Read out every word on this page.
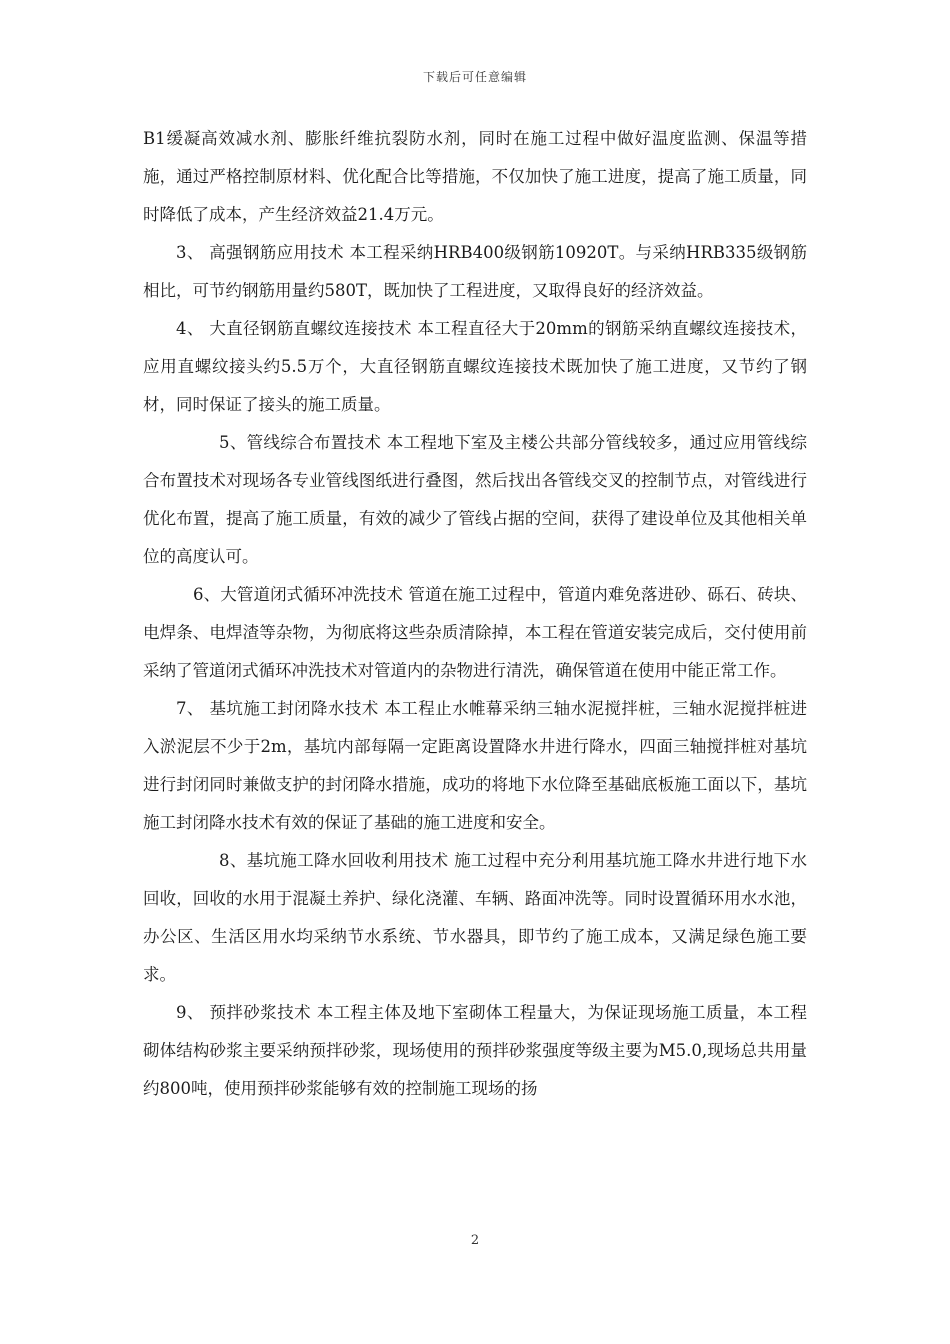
下载后可任意编辑

B1缓凝高效减水剂、膨胀纤维抗裂防水剂，同时在施工过程中做好温度监测、保温等措施，通过严格控制原材料、优化配合比等措施，不仅加快了施工进度，提高了施工质量，同时降低了成本，产生经济效益21.4万元。

3、 高强钢筋应用技术 本工程采纳HRB400级钢筋10920T。与采纳HRB335级钢筋相比，可节约钢筋用量约580T，既加快了工程进度，又取得良好的经济效益。

4、 大直径钢筋直螺纹连接技术 本工程直径大于20mm的钢筋采纳直螺纹连接技术，应用直螺纹接头约5.5万个，大直径钢筋直螺纹连接技术既加快了施工进度，又节约了钢材，同时保证了接头的施工质量。

5、管线综合布置技术 本工程地下室及主楼公共部分管线较多，通过应用管线综合布置技术对现场各专业管线图纸进行叠图，然后找出各管线交叉的控制节点，对管线进行优化布置，提高了施工质量，有效的减少了管线占据的空间，获得了建设单位及其他相关单位的高度认可。

6、大管道闭式循环冲洗技术 管道在施工过程中，管道内难免落进砂、砾石、砖块、电焊条、电焊渣等杂物，为彻底将这些杂质清除掉，本工程在管道安装完成后，交付使用前采纳了管道闭式循环冲洗技术对管道内的杂物进行清洗，确保管道在使用中能正常工作。

7、 基坑施工封闭降水技术 本工程止水帷幕采纳三轴水泥搅拌桩，三轴水泥搅拌桩进入淤泥层不少于2m，基坑内部每隔一定距离设置降水井进行降水，四面三轴搅拌桩对基坑进行封闭同时兼做支护的封闭降水措施，成功的将地下水位降至基础底板施工面以下，基坑施工封闭降水技术有效的保证了基础的施工进度和安全。

8、基坑施工降水回收利用技术 施工过程中充分利用基坑施工降水井进行地下水回收，回收的水用于混凝土养护、绿化浇灌、车辆、路面冲洗等。同时设置循环用水水池，办公区、生活区用水均采纳节水系统、节水器具，即节约了施工成本，又满足绿色施工要求。

9、 预拌砂浆技术 本工程主体及地下室砌体工程量大，为保证现场施工质量，本工程砌体结构砂浆主要采纳预拌砂浆，现场使用的预拌砂浆强度等级主要为M5.0,现场总共用量约800吨，使用预拌砂浆能够有效的控制施工现场的扬

2
